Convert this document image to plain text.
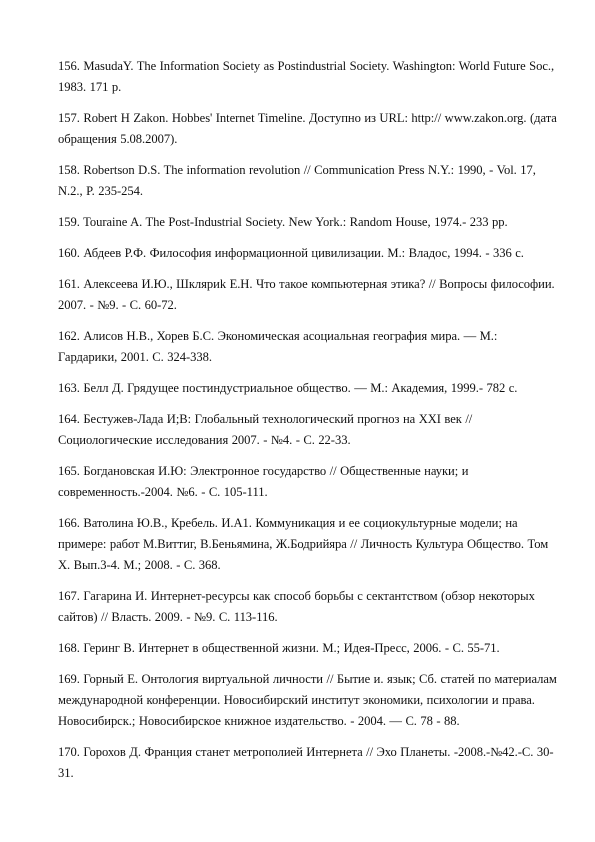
156. MasudaY. The Information Society as Postindustrial Society. Washington: World Future Soc., 1983. 171 p.
157. Robert H Zakon. Hobbes' Internet Timeline. Доступно из URL: http:// www.zakon.org. (дата обращения 5.08.2007).
158. Robertson D.S. The information revolution // Communication Press N.Y.: 1990, - Vol. 17, N.2., P. 235-254.
159. Touraine A. The Post-Industrial Society. New York.: Random House, 1974.- 233 pp.
160. Абдеев Р.Ф. Философия информационной цивилизации. М.: Владос, 1994. - 336 с.
161. Алексеева И.Ю., Шкляриk Е.Н. Что такое компьютерная этика? // Вопросы философии. 2007. - №9. - С. 60-72.
162. Алисов Н.В., Хорев Б.С. Экономическая асоциальная география мира. — М.: Гардарики, 2001. С. 324-338.
163. Белл Д. Грядущее постиндустриальное общество. — М.: Академия, 1999.- 782 с.
164. Бестужев-Лада И;В: Глобальный технологический прогноз на XXI век // Социологические исследования 2007. - №4. - С. 22-33.
165. Богдановская И.Ю: Электронное государство // Общественные науки; и современность.-2004. №6. - С. 105-111.
166. Ватолина Ю.В., Кребель. И.А1. Коммуникация и ее социокультурные модели; на примере: работ М.Виттиг, В.Беньямина, Ж.Бодрийяра // Личность Культура Общество. Том X. Вып.3-4. М.; 2008. - С. 368.
167. Гагарина И. Интернет-ресурсы как способ борьбы с сектантством (обзор некоторых сайтов) // Власть. 2009. - №9. С. 113-116.
168. Геринг В. Интернет в общественной жизни. М.; Идея-Пресс, 2006. - С. 55-71.
169. Горный Е. Онтология виртуальной личности // Бытие и. язык; Сб. статей по материалам международной конференции. Новосибирский институт экономики, психологии и права. Новосибирск.; Новосибирское книжное издательство. - 2004. — С. 78 - 88.
170. Горохов Д. Франция станет метрополией Интернета // Эхо Планеты. -2008.-№42.-С. 30-31.
